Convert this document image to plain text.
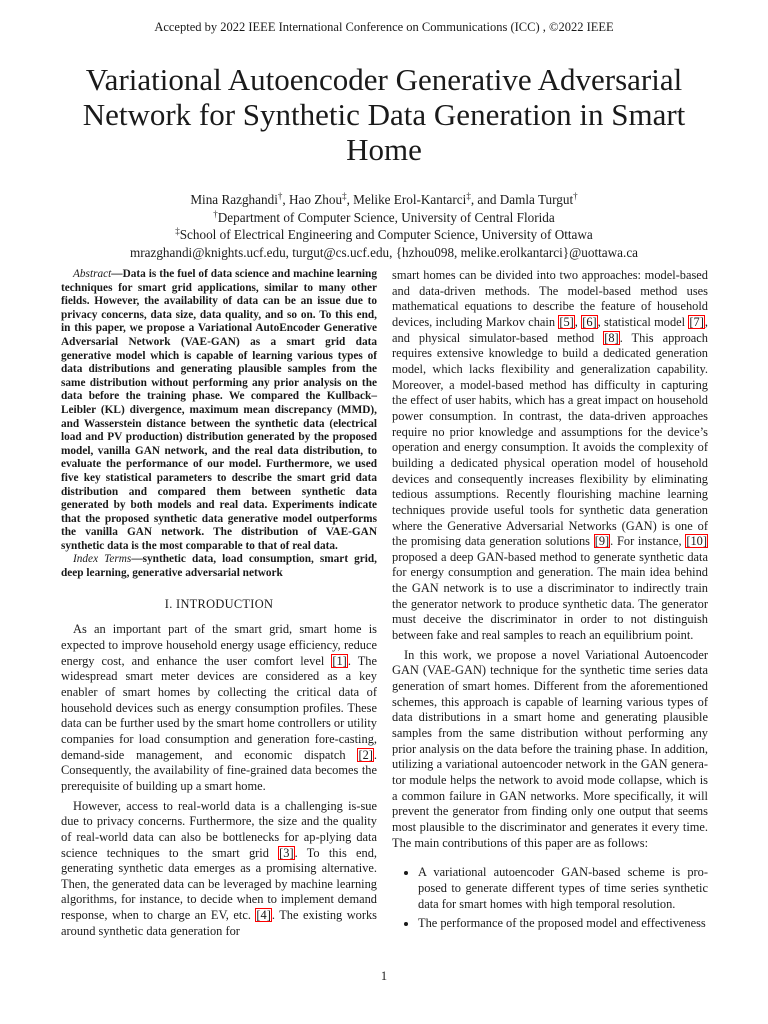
Accepted by 2022 IEEE International Conference on Communications (ICC) , ©2022 IEEE
Variational Autoencoder Generative Adversarial Network for Synthetic Data Generation in Smart Home
Mina Razghandi†, Hao Zhou‡, Melike Erol-Kantarci‡, and Damla Turgut†
†Department of Computer Science, University of Central Florida
‡School of Electrical Engineering and Computer Science, University of Ottawa
mrazghandi@knights.ucf.edu, turgut@cs.ucf.edu, {hzhou098, melike.erolkantarci}@uottawa.ca

Abstract—Data is the fuel of data science and machine learning techniques for smart grid applications, similar to many other fields. However, the availability of data can be an issue due to privacy concerns, data size, data quality, and so on. To this end, in this paper, we propose a Variational AutoEncoder Generative Adversarial Network (VAE-GAN) as a smart grid data generative model which is capable of learning various types of data distributions and generating plausible samples from the same distribution without performing any prior analysis on the data before the training phase. We compared the Kullback–Leibler (KL) divergence, maximum mean discrepancy (MMD), and Wasserstein distance between the synthetic data (electrical load and PV production) distribution generated by the proposed model, vanilla GAN network, and the real data distribution, to evaluate the performance of our model. Furthermore, we used five key statistical parameters to describe the smart grid data distribution and compared them between synthetic data generated by both models and real data. Experiments indicate that the proposed synthetic data generative model outperforms the vanilla GAN network. The distribution of VAE-GAN synthetic data is the most comparable to that of real data.

Index Terms—synthetic data, load consumption, smart grid, deep learning, generative adversarial network

I. INTRODUCTION

As an important part of the smart grid, smart home is expected to improve household energy usage efficiency, reduce energy cost, and enhance the user comfort level [1]. The widespread smart meter devices are considered as a key enabler of smart homes by collecting the critical data of household devices such as energy consumption profiles. These data can be further used by the smart home controllers or utility companies for load consumption and generation fore-casting, demand-side management, and economic dispatch [2]. Consequently, the availability of fine-grained data becomes the prerequisite of building up a smart home.

However, access to real-world data is a challenging is-sue due to privacy concerns. Furthermore, the size and the quality of real-world data can also be bottlenecks for ap-plying data science techniques to the smart grid [3]. To this end, generating synthetic data emerges as a promising alternative. Then, the generated data can be leveraged by machine learning algorithms, for instance, to decide when to implement demand response, when to charge an EV, etc. [4]. The existing works around synthetic data generation for

smart homes can be divided into two approaches: model-based and data-driven methods. The model-based method uses mathematical equations to describe the feature of household devices, including Markov chain [5], [6], statistical model [7], and physical simulator-based method [8]. This approach requires extensive knowledge to build a dedicated generation model, which lacks flexibility and generalization capability. Moreover, a model-based method has difficulty in capturing the effect of user habits, which has a great impact on household power consumption. In contrast, the data-driven approaches require no prior knowledge and assumptions for the device’s operation and energy consumption. It avoids the complexity of building a dedicated physical operation model of household devices and consequently increases flexibility by eliminating tedious assumptions. Recently flourishing machine learning techniques provide useful tools for synthetic data generation where the Generative Adversarial Networks (GAN) is one of the promising data generation solutions [9]. For instance, [10] proposed a deep GAN-based method to generate synthetic data for energy consumption and generation. The main idea behind the GAN network is to use a discriminator to indirectly train the generator network to produce synthetic data. The generator must deceive the discriminator in order to not distinguish between fake and real samples to reach an equilibrium point.

In this work, we propose a novel Variational Autoencoder GAN (VAE-GAN) technique for the synthetic time series data generation of smart homes. Different from the aforementioned schemes, this approach is capable of learning various types of data distributions in a smart home and generating plausible samples from the same distribution without performing any prior analysis on the data before the training phase. In addition, utilizing a variational autoencoder network in the GAN genera-tor module helps the network to avoid mode collapse, which is a common failure in GAN networks. More specifically, it will prevent the generator from finding only one output that seems most plausible to the discriminator and generates it every time. The main contributions of this paper are as follows:

• A variational autoencoder GAN-based scheme is pro-posed to generate different types of time series synthetic data for smart homes with high temporal resolution.
• The performance of the proposed model and effectiveness
1
